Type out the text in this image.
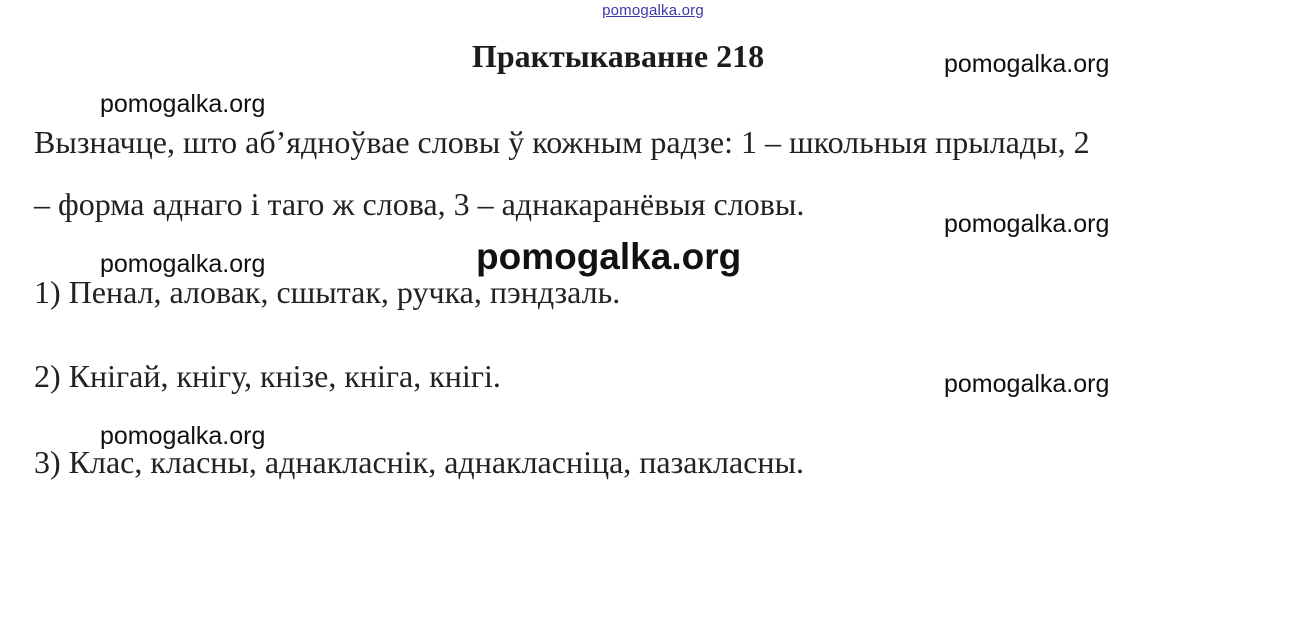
pomogalka.org
Практыкаванне 218
Вызначце, што аб’ядноўвае словы ў кожным радзе: 1 – школьныя прылады, 2
– форма аднаго і таго ж слова, 3 – аднакаранёвыя словы.
1) Пенал, аловак, сшытак, ручка, пэндзаль.
2) Кнігай, кнігу, кнізе, кніга, кнігі.
3) Клас, класны, аднакласнік, аднакласніца, пазакласны.
pomogalka.org
pomogalka.org
pomogalka.org
pomogalka.org
pomogalka.org
pomogalka.org
pomogalka.org
